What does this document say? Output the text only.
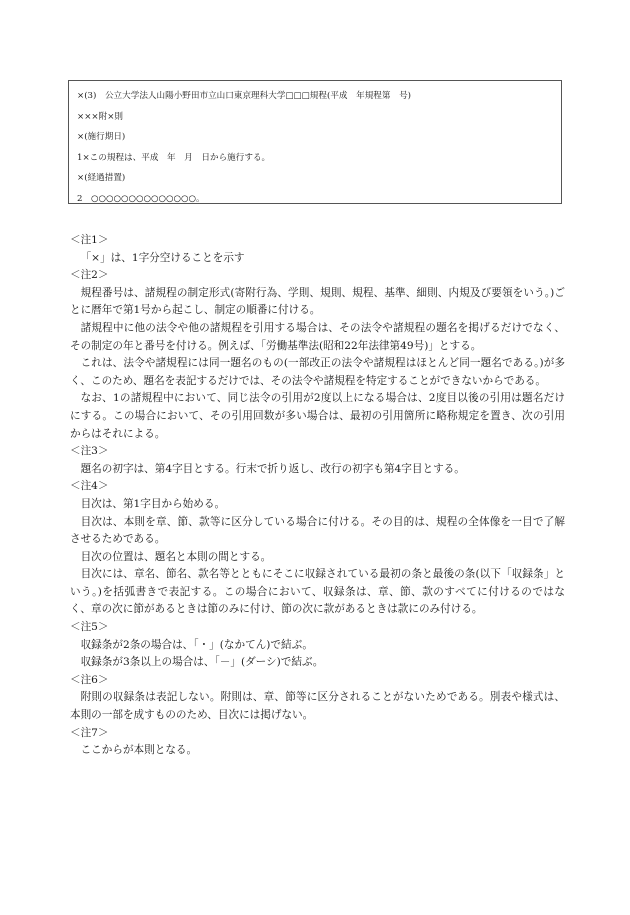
×(3)　公立大学法人山陽小野田市立山口東京理科大学□□□規程(平成　年規程第　号)
×××附×則
×(施行期日)
1×この規程は、平成　年　月　日から施行する。
×(経過措置)
2　○○○○○○○○○○○○○○。

＜注1＞

「×」は、1字分空けることを示す

＜注2＞

規程番号は、諸規程の制定形式(寄附行為、学則、規則、規程、基準、細則、内規及び要領をいう。)ごとに暦年で第1号から起こし、制定の順番に付ける。

諸規程中に他の法令や他の諸規程を引用する場合は、その法令や諸規程の題名を掲げるだけでなく、その制定の年と番号を付ける。例えば、「労働基準法(昭和22年法律第49号)」とする。

これは、法令や諸規程には同一題名のもの(一部改正の法令や諸規程はほとんど同一題名である。)が多く、このため、題名を表記するだけでは、その法令や諸規程を特定することができないからである。

なお、1の諸規程中において、同じ法令の引用が2度以上になる場合は、2度目以後の引用は題名だけにする。この場合において、その引用回数が多い場合は、最初の引用箇所に略称規定を置き、次の引用からはそれによる。

＜注3＞

題名の初字は、第4字目とする。行末で折り返し、改行の初字も第4字目とする。

＜注4＞

目次は、第1字目から始める。

目次は、本則を章、節、款等に区分している場合に付ける。その目的は、規程の全体像を一目で了解させるためである。

目次の位置は、題名と本則の間とする。

目次には、章名、節名、款名等とともにそこに収録されている最初の条と最後の条(以下「収録条」という。)を括弧書きで表記する。この場合において、収録条は、章、節、款のすべてに付けるのではなく、章の次に節があるときは節のみに付け、節の次に款があるときは款にのみ付ける。

＜注5＞

収録条が2条の場合は、「・」(なかてん)で結ぶ。

収録条が3条以上の場合は、「－」(ダーシ)で結ぶ。

＜注6＞

附則の収録条は表記しない。附則は、章、節等に区分されることがないためである。別表や様式は、本則の一部を成すもののため、目次には掲げない。

＜注7＞

ここからが本則となる。
